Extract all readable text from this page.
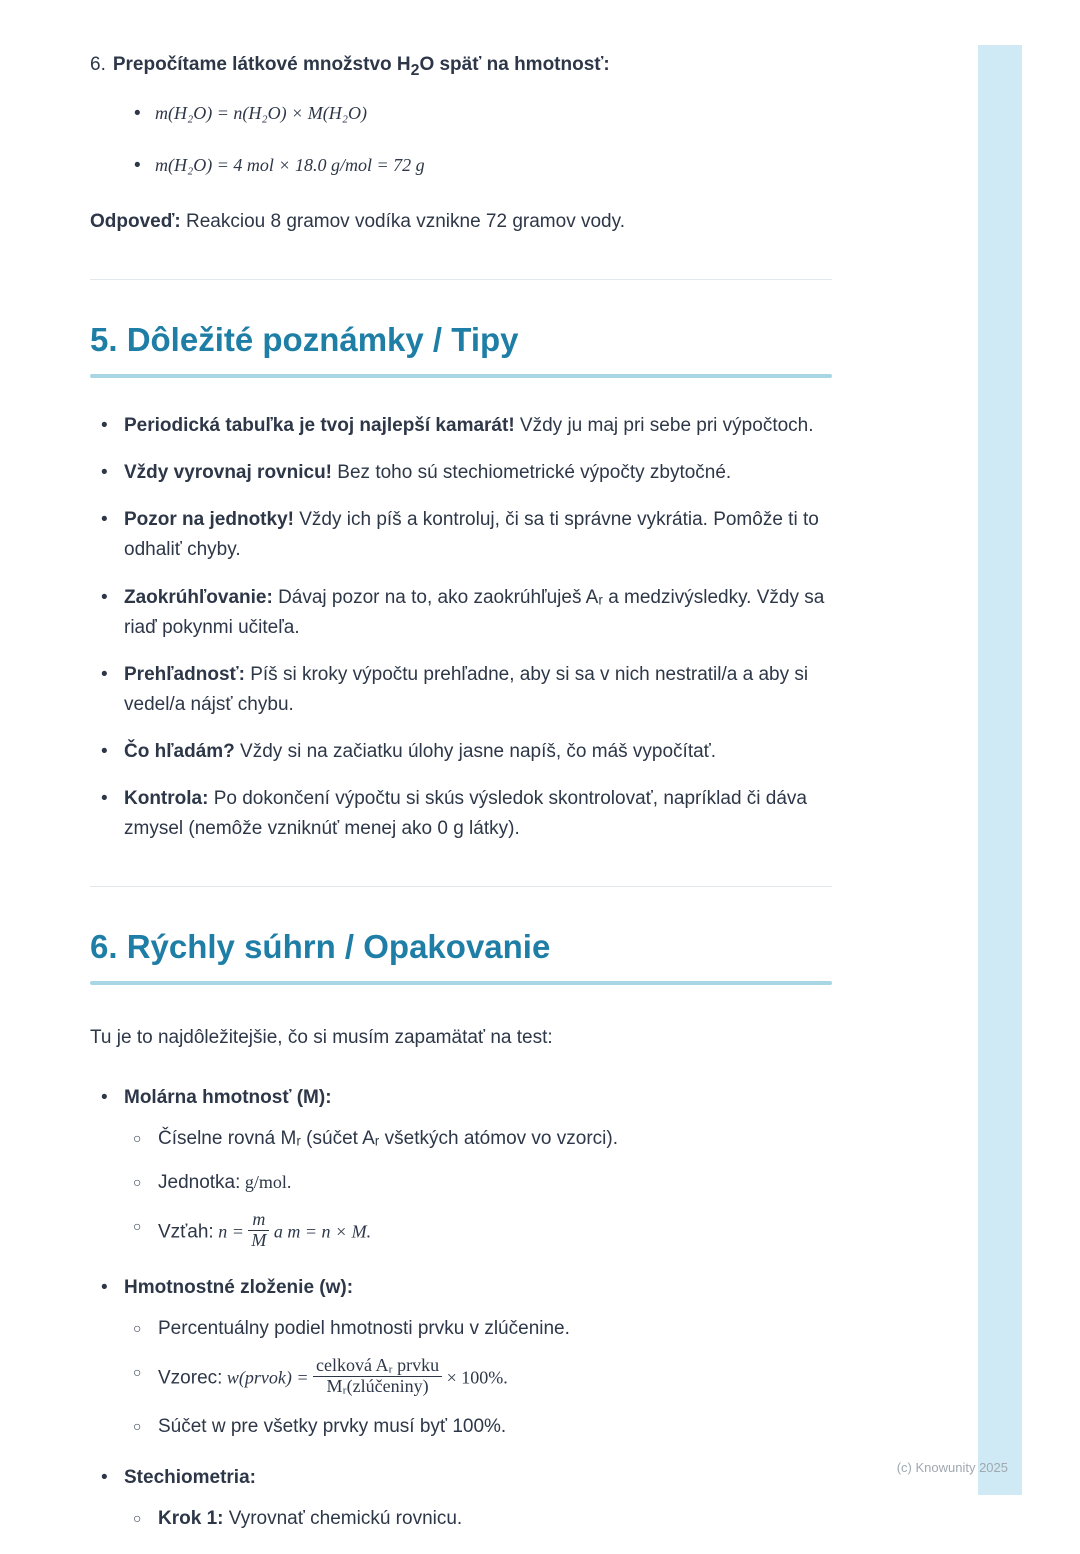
6. Prepočítame látkové množstvo $H_2O$ späť na hmotnosť:

• m(H₂O) = n(H₂O) × M(H₂O)
• m(H₂O) = 4 mol × 18.0 g/mol = 72 g

Odpoveď: Reakciou 8 gramov vodíka vznikne 72 gramov vody.

5. Dôležité poznámky / Tipy
• Periodická tabuľka je tvoj najlepší kamarát! Vždy ju maj pri sebe pri výpočtoch.
• Vždy vyrovnaj rovnicu! Bez toho sú stechiometrické výpočty zbytočné.
• Pozor na jednotky! Vždy ich píš a kontroluj, či sa ti správne vykrátia. Pomôže ti to odhaliť chyby.
• Zaokrúhľovanie: Dávaj pozor na to, ako zaokrúhľuješ Aᵣ a medzivýsledky. Vždy sa riaď pokynmi učiteľa.
• Prehľadnosť: Píš si kroky výpočtu prehľadne, aby si sa v nich nestratil/a a aby si vedel/a nájsť chybu.
• Čo hľadám? Vždy si na začiatku úlohy jasne napíš, čo máš vypočítať.
• Kontrola: Po dokončení výpočtu si skús výsledok skontrolovať, napríklad či dáva zmysel (nemôže vzniknúť menej ako 0 g látky).
6. Rýchly súhrn / Opakovanie

Tu je to najdôležitejšie, čo si musím zapamätať na test:

• Molárna hmotnosť (M):
○ Číselne rovná Mᵣ (súčet Aᵣ všetkých atómov vo vzorci).
○ Jednotka: g/mol.
○ Vzťah: $n = \frac{m}{M}$ a m = n × M.
• Hmotnostné zloženie (w):
○ Percentuálny podiel hmotnosti prvku v zlúčenine.
○ Vzorec: w(prvok) = $\frac{\text{celková Aᵣ prvku}}{\text{Mᵣ(zlúčeniny)}} \times 100\%$.
○ Súčet w pre všetky prvky musí byť 100%.
• Stechiometria:
○ Krok 1: Vyrovnať chemickú rovnicu.
(c) Knowunity 2025
